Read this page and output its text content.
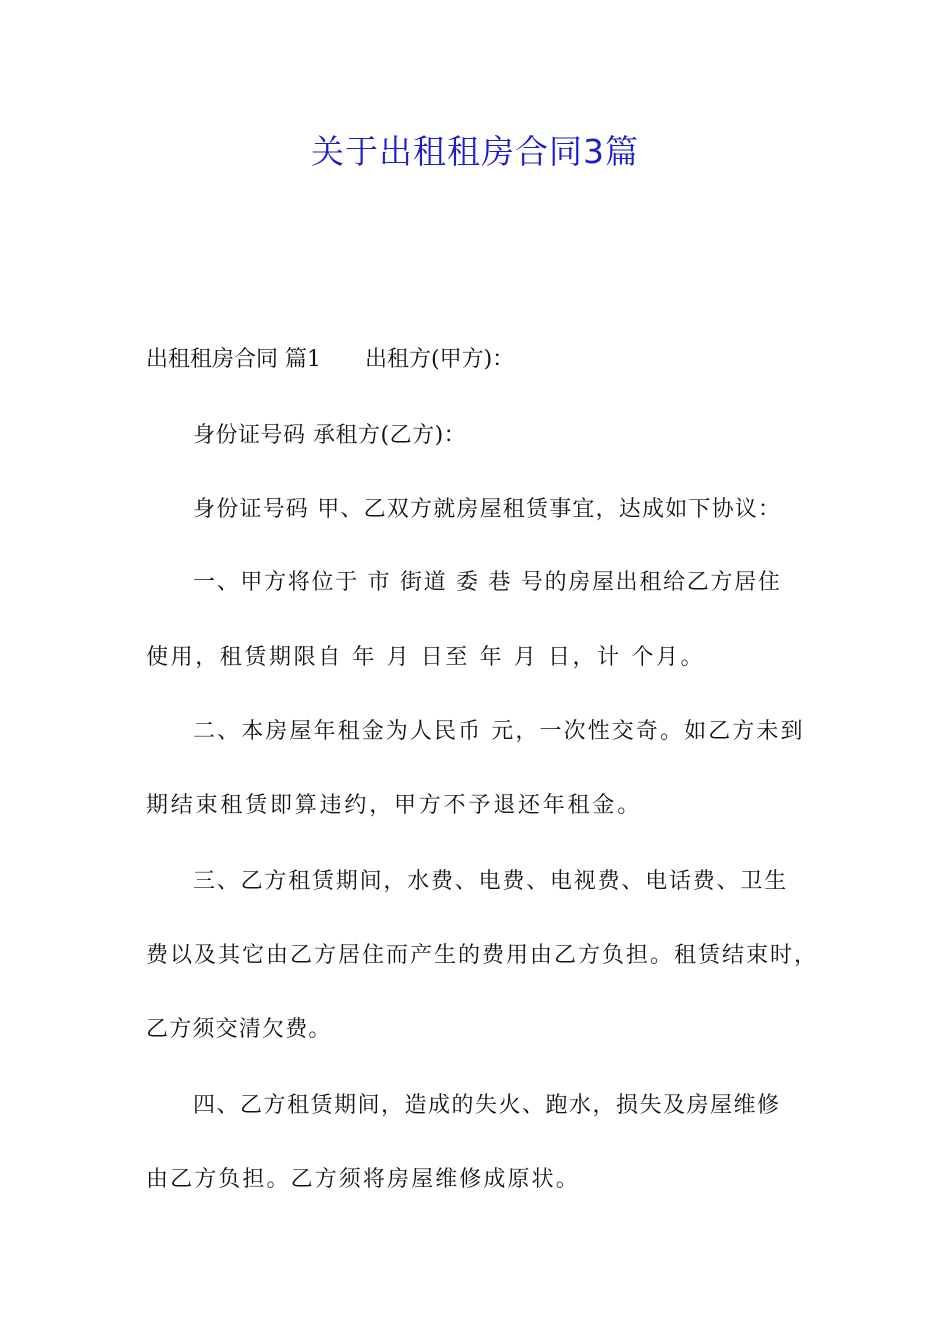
关于出租租房合同3篇

出租租房合同 篇1 出租方(甲方)：

身份证号码 承租方(乙方)：

身份证号码 甲、乙双方就房屋租赁事宜，达成如下协议：

一、甲方将位于 市 街道 委 巷 号的房屋出租给乙方居住

使用，租赁期限自 年 月 日至 年 月 日，计 个月。

二、本房屋年租金为人民币 元，一次性交奇。如乙方未到

期结束租赁即算违约，甲方不予退还年租金。

三、乙方租赁期间，水费、电费、电视费、电话费、卫生

费以及其它由乙方居住而产生的费用由乙方负担。租赁结束时，

乙方须交清欠费。

四、乙方租赁期间，造成的失火、跑水，损失及房屋维修

由乙方负担。乙方须将房屋维修成原状。
